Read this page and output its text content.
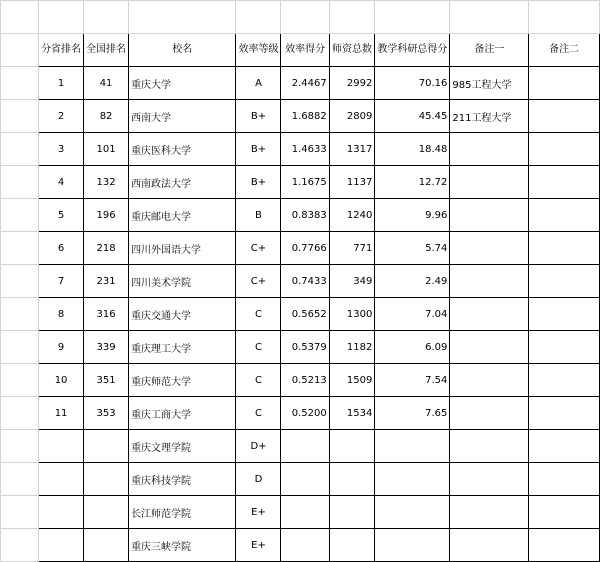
	分省排名	全国排名	校名	效率等级	效率得分	师资总数	教学科研总得分	备注一	备注二
	1	41	重庆大学	A	2.4467	2992	70.16	985工程大学	
	2	82	西南大学	B+	1.6882	2809	45.45	211工程大学	
	3	101	重庆医科大学	B+	1.4633	1317	18.48		
	4	132	西南政法大学	B+	1.1675	1137	12.72		
	5	196	重庆邮电大学	B	0.8383	1240	9.96		
	6	218	四川外国语大学	C+	0.7766	771	5.74		
	7	231	四川美术学院	C+	0.7433	349	2.49		
	8	316	重庆交通大学	C	0.5652	1300	7.04		
	9	339	重庆理工大学	C	0.5379	1182	6.09		
	10	351	重庆师范大学	C	0.5213	1509	7.54		
	11	353	重庆工商大学	C	0.5200	1534	7.65		
			重庆文理学院	D+					
			重庆科技学院	D					
			长江师范学院	E+					
			重庆三峡学院	E+					
